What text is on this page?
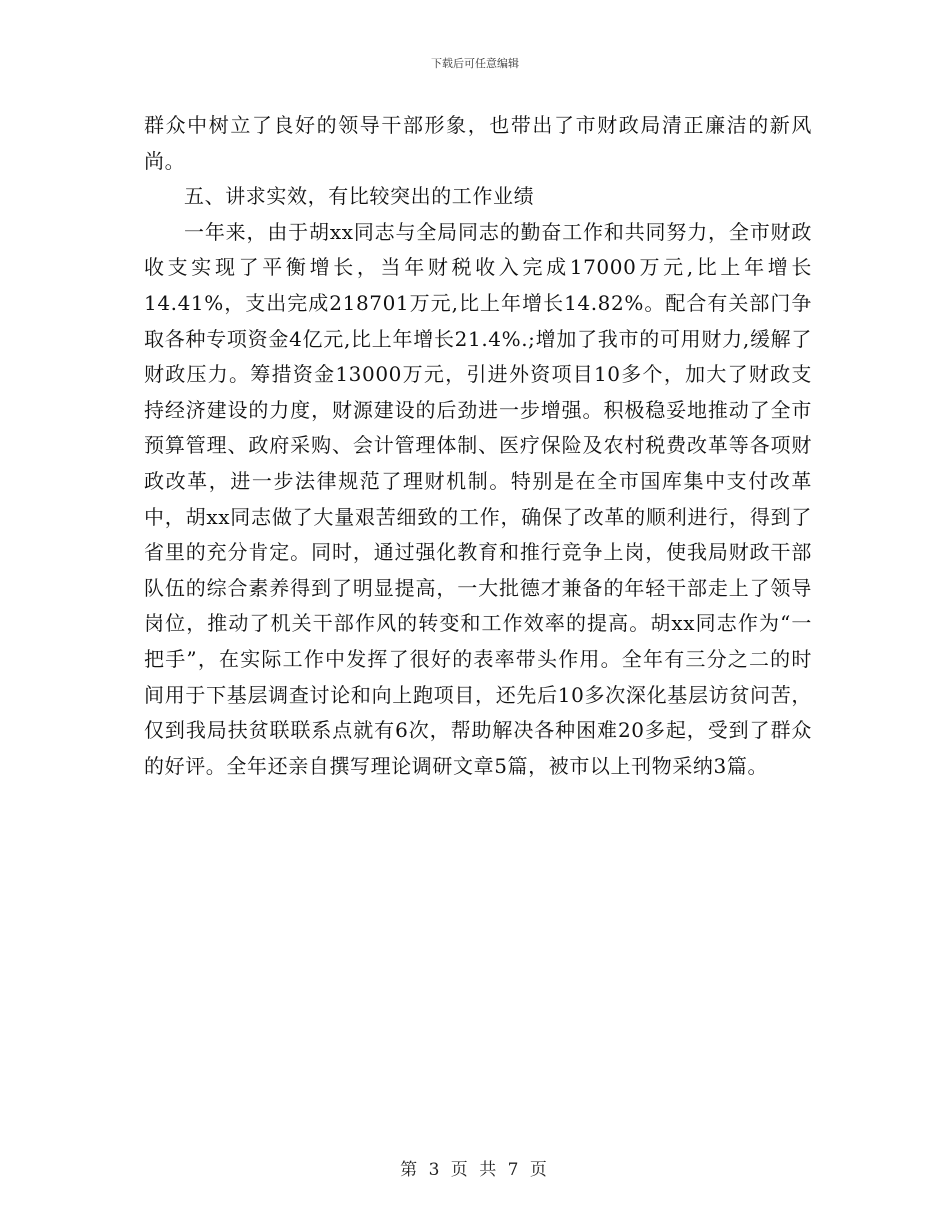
下载后可任意编辑

群众中树立了良好的领导干部形象，也带出了市财政局清正廉洁的新风尚。

五、讲求实效，有比较突出的工作业绩

一年来，由于胡xx同志与全局同志的勤奋工作和共同努力，全市财政收支实现了平衡增长，当年财税收入完成17000万元,比上年增长14.41%，支出完成218701万元,比上年增长14.82%。配合有关部门争取各种专项资金4亿元,比上年增长21.4%.;增加了我市的可用财力,缓解了财政压力。筹措资金13000万元，引进外资项目10多个，加大了财政支持经济建设的力度，财源建设的后劲进一步增强。积极稳妥地推动了全市预算管理、政府采购、会计管理体制、医疗保险及农村税费改革等各项财政改革，进一步法律规范了理财机制。特别是在全市国库集中支付改革中，胡xx同志做了大量艰苦细致的工作，确保了改革的顺利进行，得到了省里的充分肯定。同时，通过强化教育和推行竞争上岗，使我局财政干部队伍的综合素养得到了明显提高，一大批德才兼备的年轻干部走上了领导岗位，推动了机关干部作风的转变和工作效率的提高。胡xx同志作为“一把手”，在实际工作中发挥了很好的表率带头作用。全年有三分之二的时间用于下基层调查讨论和向上跑项目，还先后10多次深化基层访贫问苦，仅到我局扶贫联联系点就有6次，帮助解决各种困难20多起，受到了群众的好评。全年还亲自撰写理论调研文章5篇，被市以上刊物采纳3篇。

第 3 页 共 7 页
